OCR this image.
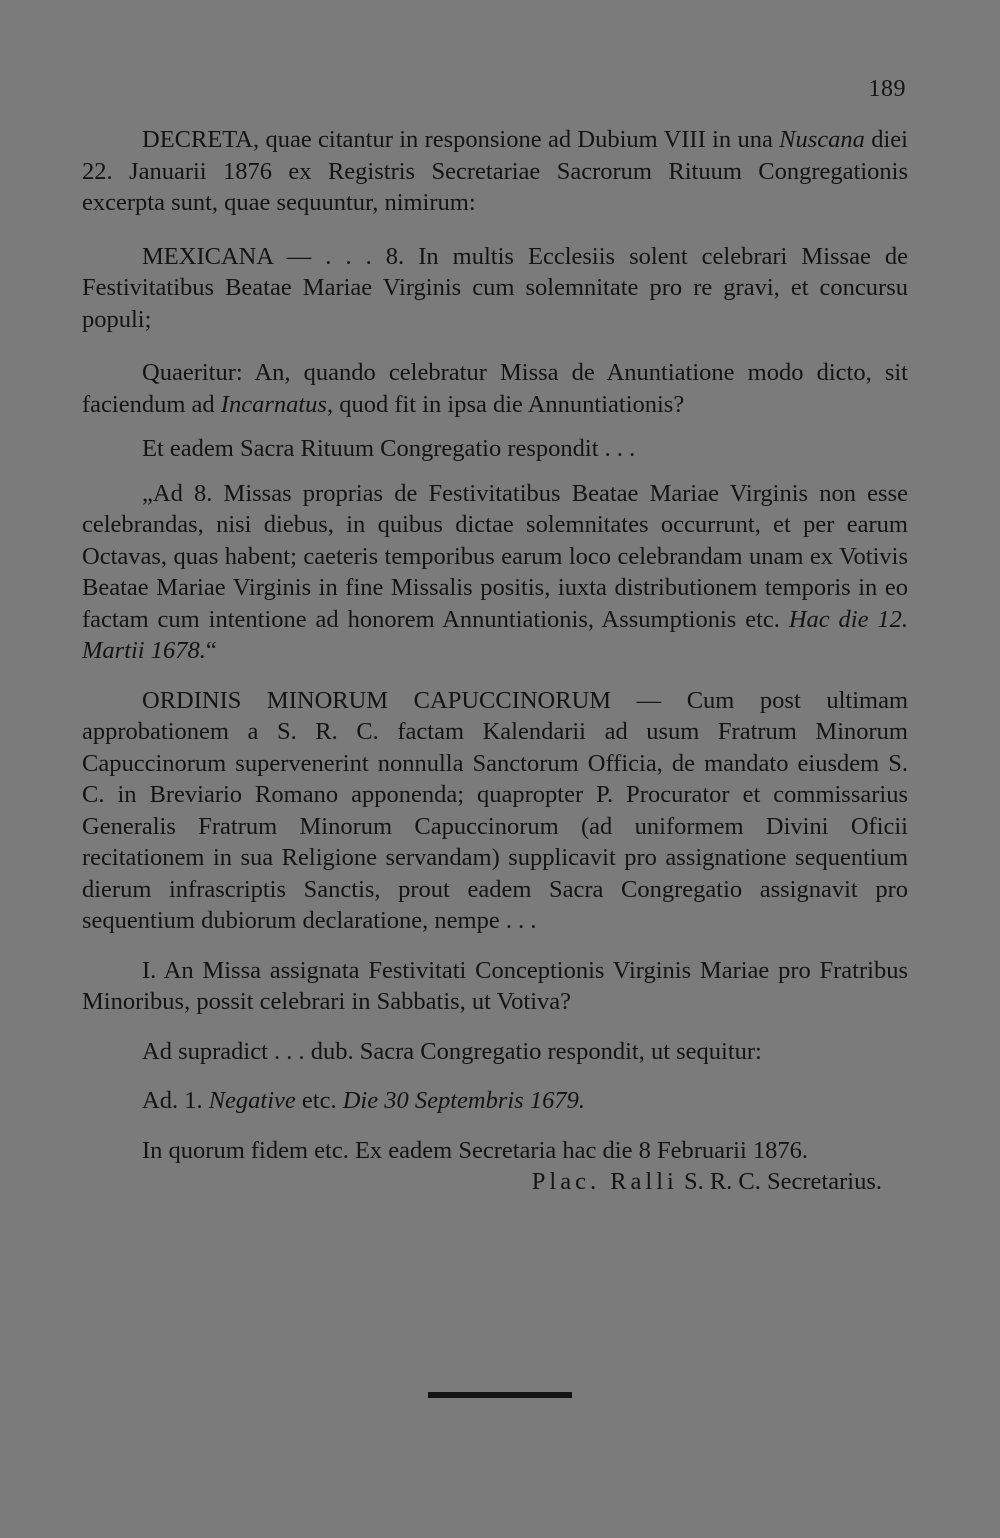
189

DECRETA, quae citantur in responsione ad Dubium VIII in una Nuscana diei 22. Januarii 1876 ex Registris Secretariae Sacrorum Rituum Congregationis excerpta sunt, quae sequuntur, nimirum:

MEXICANA — . . . 8. In multis Ecclesiis solent celebrari Missae de Festivitatibus Beatae Mariae Virginis cum solemnitate pro re gravi, et concursu populi;

Quaeritur: An, quando celebratur Missa de Anuntiatione modo dicto, sit faciendum ad Incarnatus, quod fit in ipsa die Annuntiationis?

Et eadem Sacra Rituum Congregatio respondit . . .

„Ad 8. Missas proprias de Festivitatibus Beatae Mariae Virginis non esse celebrandas, nisi diebus, in quibus dictae solemnitates occurrunt, et per earum Octavas, quas habent; caeteris temporibus earum loco celebrandam unam ex Votivis Beatae Mariae Virginis in fine Missalis positis, iuxta distributionem temporis in eo factam cum intentione ad honorem Annuntiationis, Assumptionis etc. Hac die 12. Martii 1678.“

ORDINIS MINORUM CAPUCCINORUM — Cum post ultimam approbationem a S. R. C. factam Kalendarii ad usum Fratrum Minorum Capuccinorum supervenerint nonnulla Sanctorum Officia, de mandato eiusdem S. C. in Breviario Romano apponenda; quapropter P. Procurator et commissarius Generalis Fratrum Minorum Capuccinorum (ad uniformem Divini Oficii recitationem in sua Religione servandam) supplicavit pro assignatione sequentium dierum infrascriptis Sanctis, prout eadem Sacra Congregatio assignavit pro sequentium dubiorum declaratione, nempe . . .

I. An Missa assignata Festivitati Conceptionis Virginis Mariae pro Fratribus Minoribus, possit celebrari in Sabbatis, ut Votiva?

Ad supradict . . . dub. Sacra Congregatio respondit, ut sequitur:

Ad. 1. Negative etc. Die 30 Septembris 1679.

In quorum fidem etc. Ex eadem Secretaria hac die 8 Februarii 1876.

Plac. Ralli S. R. C. Secretarius.
